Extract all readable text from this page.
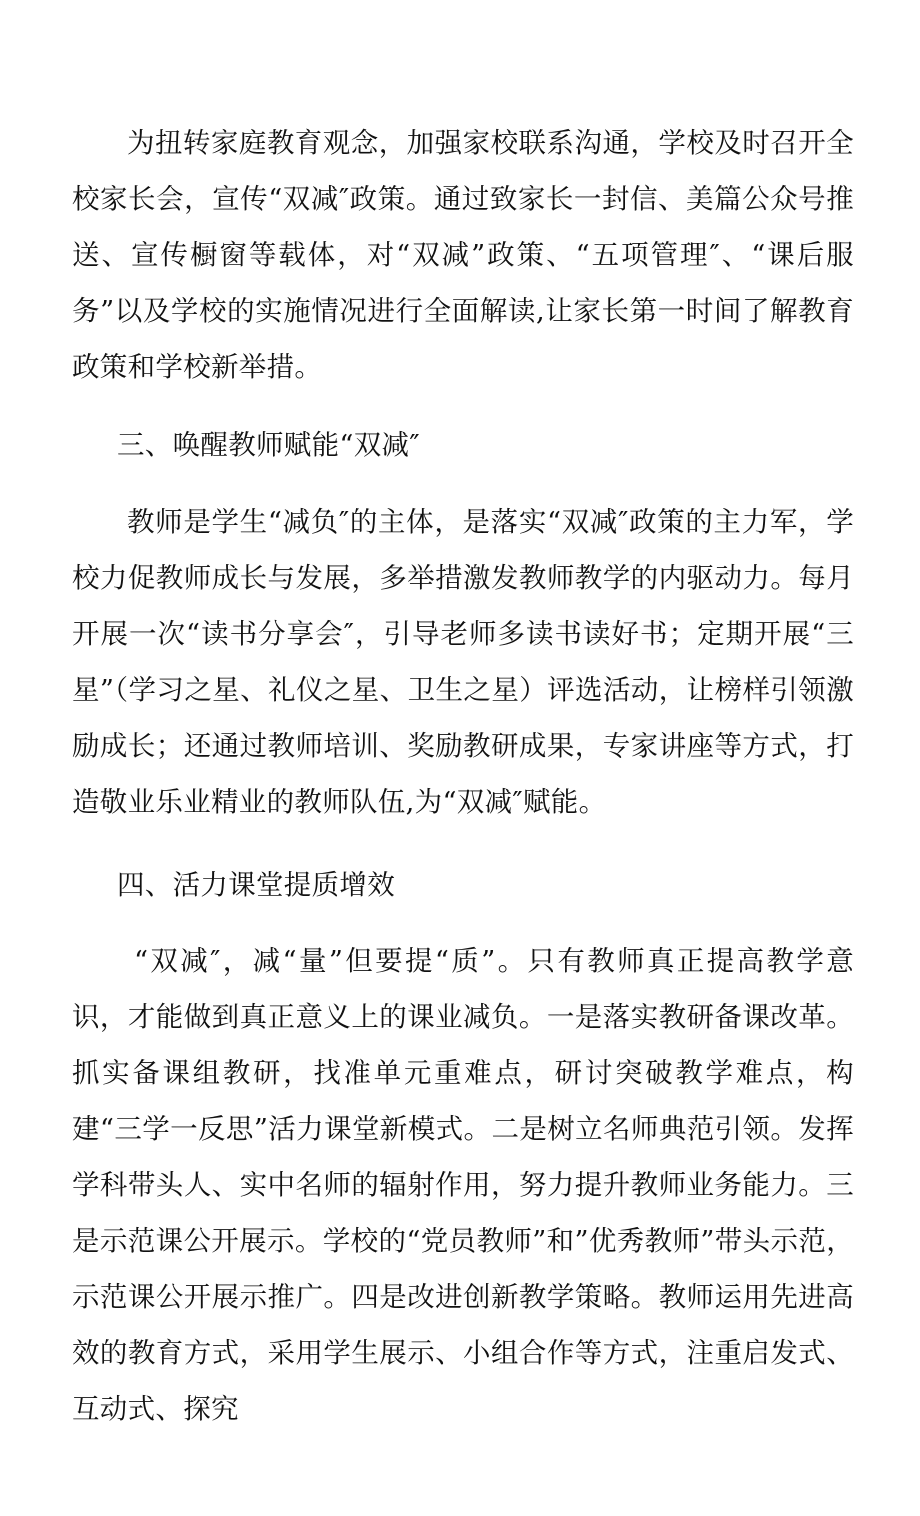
为扭转家庭教育观念，加强家校联系沟通，学校及时召开全校家长会，宣传“双减″政策。通过致家长一封信、美篇公众号推送、宣传橱窗等载体，对“双减”政策、“五项管理″、“课后服务”以及学校的实施情况进行全面解读,让家长第一时间了解教育政策和学校新举措。

三、唤醒教师赋能“双减″

教师是学生“减负″的主体，是落实“双减″政策的主力军，学校力促教师成长与发展，多举措激发教师教学的内驱动力。每月开展一次“读书分享会″，引导老师多读书读好书；定期开展“三星”（学习之星、礼仪之星、卫生之星）评选活动，让榜样引领激励成长；还通过教师培训、奖励教研成果，专家讲座等方式，打造敬业乐业精业的教师队伍,为“双减″赋能。

四、活力课堂提质增效

“双减″，减“量”但要提“质”。只有教师真正提高教学意识，才能做到真正意义上的课业减负。一是落实教研备课改革。抓实备课组教研，找准单元重难点，研讨突破教学难点，构建“三学一反思”活力课堂新模式。二是树立名师典范引领。发挥学科带头人、实中名师的辐射作用，努力提升教师业务能力。三是示范课公开展示。学校的“党员教师”和”优秀教师”带头示范，示范课公开展示推广。四是改进创新教学策略。教师运用先进高效的教育方式，采用学生展示、小组合作等方式，注重启发式、互动式、探究
